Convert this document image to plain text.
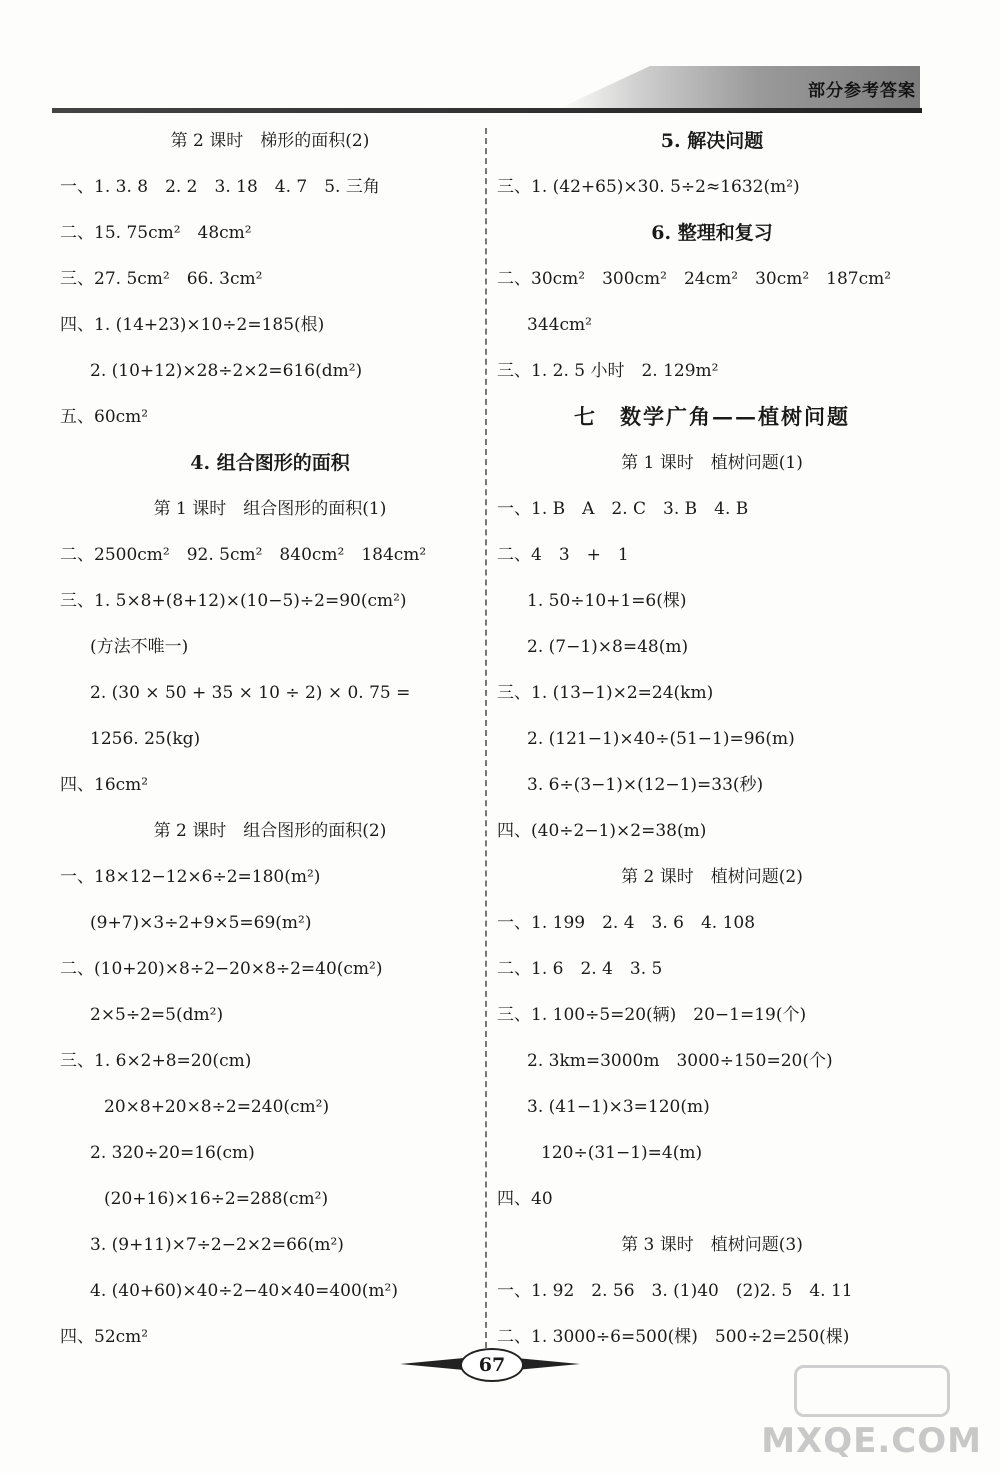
部分参考答案
第 2 课时　梯形的面积(2)
一、1. 3. 8　2. 2　3. 18　4. 7　5. 三角
二、15. 75cm²　48cm²
三、27. 5cm²　66. 3cm²
四、1. (14+23)×10÷2=185(根)
2. (10+12)×28÷2×2=616(dm²)
五、60cm²
4. 组合图形的面积
第 1 课时　组合图形的面积(1)
二、2500cm²　92. 5cm²　840cm²　184cm²
三、1. 5×8+(8+12)×(10−5)÷2=90(cm²)
(方法不唯一)
2. (30 × 50 + 35 × 10 ÷ 2) × 0. 75 =
1256. 25(kg)
四、16cm²
第 2 课时　组合图形的面积(2)
一、18×12−12×6÷2=180(m²)
(9+7)×3÷2+9×5=69(m²)
二、(10+20)×8÷2−20×8÷2=40(cm²)
2×5÷2=5(dm²)
三、1. 6×2+8=20(cm)
20×8+20×8÷2=240(cm²)
2. 320÷20=16(cm)
(20+16)×16÷2=288(cm²)
3. (9+11)×7÷2−2×2=66(m²)
4. (40+60)×40÷2−40×40=400(m²)
四、52cm²
5. 解决问题
三、1. (42+65)×30. 5÷2≈1632(m²)
6. 整理和复习
二、30cm²　300cm²　24cm²　30cm²　187cm²
344cm²
三、1. 2. 5 小时　2. 129m²
七　数学广角——植树问题
第 1 课时　植树问题(1)
一、1. B　A　2. C　3. B　4. B
二、4　3　+　1
1. 50÷10+1=6(棵)
2. (7−1)×8=48(m)
三、1. (13−1)×2=24(km)
2. (121−1)×40÷(51−1)=96(m)
3. 6÷(3−1)×(12−1)=33(秒)
四、(40÷2−1)×2=38(m)
第 2 课时　植树问题(2)
一、1. 199　2. 4　3. 6　4. 108
二、1. 6　2. 4　3. 5
三、1. 100÷5=20(辆)　20−1=19(个)
2. 3km=3000m　3000÷150=20(个)
3. (41−1)×3=120(m)
120÷(31−1)=4(m)
四、40
第 3 课时　植树问题(3)
一、1. 92　2. 56　3. (1)40　(2)2. 5　4. 11
二、1. 3000÷6=500(棵)　500÷2=250(棵)
67
MXQE.COM
